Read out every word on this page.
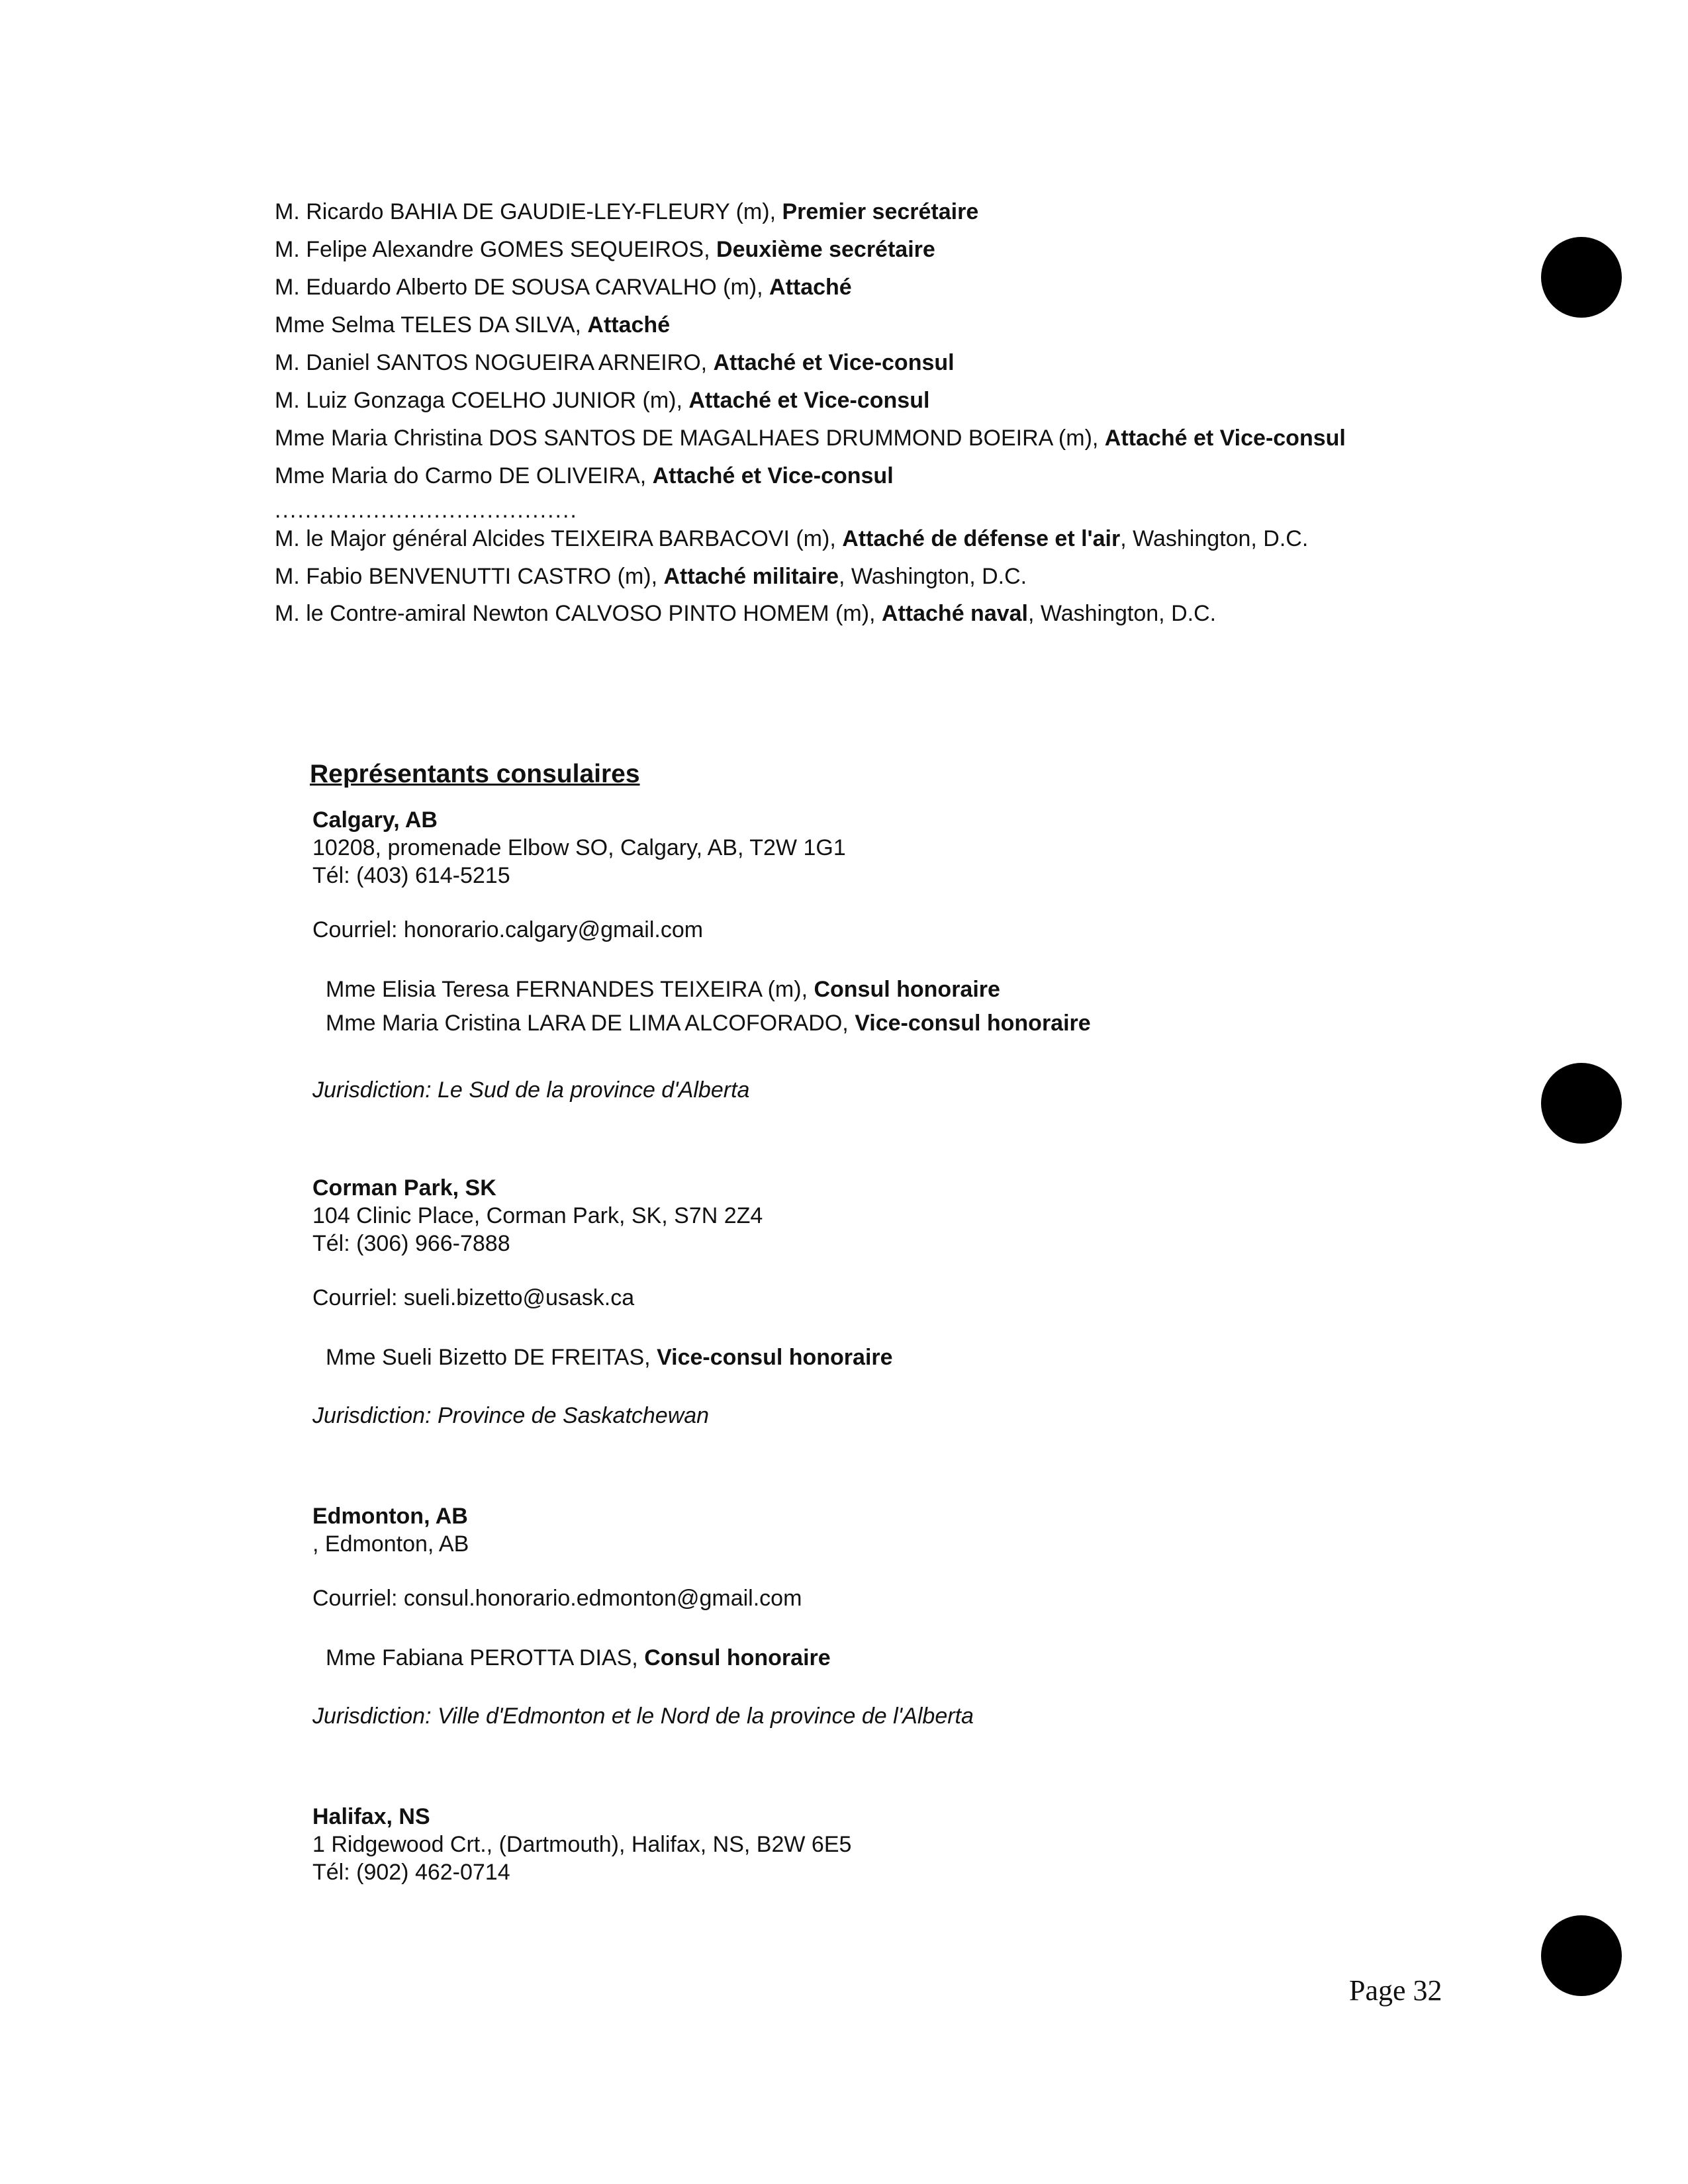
M. Ricardo BAHIA DE GAUDIE-LEY-FLEURY (m), Premier secrétaire
M. Felipe Alexandre GOMES SEQUEIROS, Deuxième secrétaire
M. Eduardo Alberto DE SOUSA CARVALHO (m), Attaché
Mme Selma TELES DA SILVA, Attaché
M. Daniel SANTOS NOGUEIRA ARNEIRO, Attaché et Vice-consul
M. Luiz Gonzaga COELHO JUNIOR (m), Attaché et Vice-consul
Mme Maria Christina DOS SANTOS DE MAGALHAES DRUMMOND BOEIRA (m), Attaché et Vice-consul
Mme Maria do Carmo DE OLIVEIRA, Attaché et Vice-consul
........................................
M. le Major général Alcides TEIXEIRA BARBACOVI (m), Attaché de défense et l'air, Washington, D.C.
M. Fabio BENVENUTTI CASTRO (m), Attaché militaire, Washington, D.C.
M. le Contre-amiral Newton CALVOSO PINTO HOMEM (m), Attaché naval, Washington, D.C.
Représentants consulaires
Calgary, AB
10208, promenade Elbow SO, Calgary, AB, T2W 1G1
Tél: (403) 614-5215
Courriel: honorario.calgary@gmail.com
Mme Elisia Teresa FERNANDES TEIXEIRA (m), Consul honoraire
Mme Maria Cristina LARA DE LIMA ALCOFORADO, Vice-consul honoraire
Jurisdiction: Le Sud de la province d'Alberta
Corman Park, SK
104 Clinic Place, Corman Park, SK, S7N 2Z4
Tél: (306) 966-7888
Courriel: sueli.bizetto@usask.ca
Mme Sueli Bizetto DE FREITAS, Vice-consul honoraire
Jurisdiction: Province de Saskatchewan
Edmonton, AB
, Edmonton, AB
Courriel: consul.honorario.edmonton@gmail.com
Mme Fabiana PEROTTA DIAS, Consul honoraire
Jurisdiction: Ville d'Edmonton et le Nord de la province de l'Alberta
Halifax, NS
1 Ridgewood Crt., (Dartmouth), Halifax, NS, B2W 6E5
Tél: (902) 462-0714
Page 32
